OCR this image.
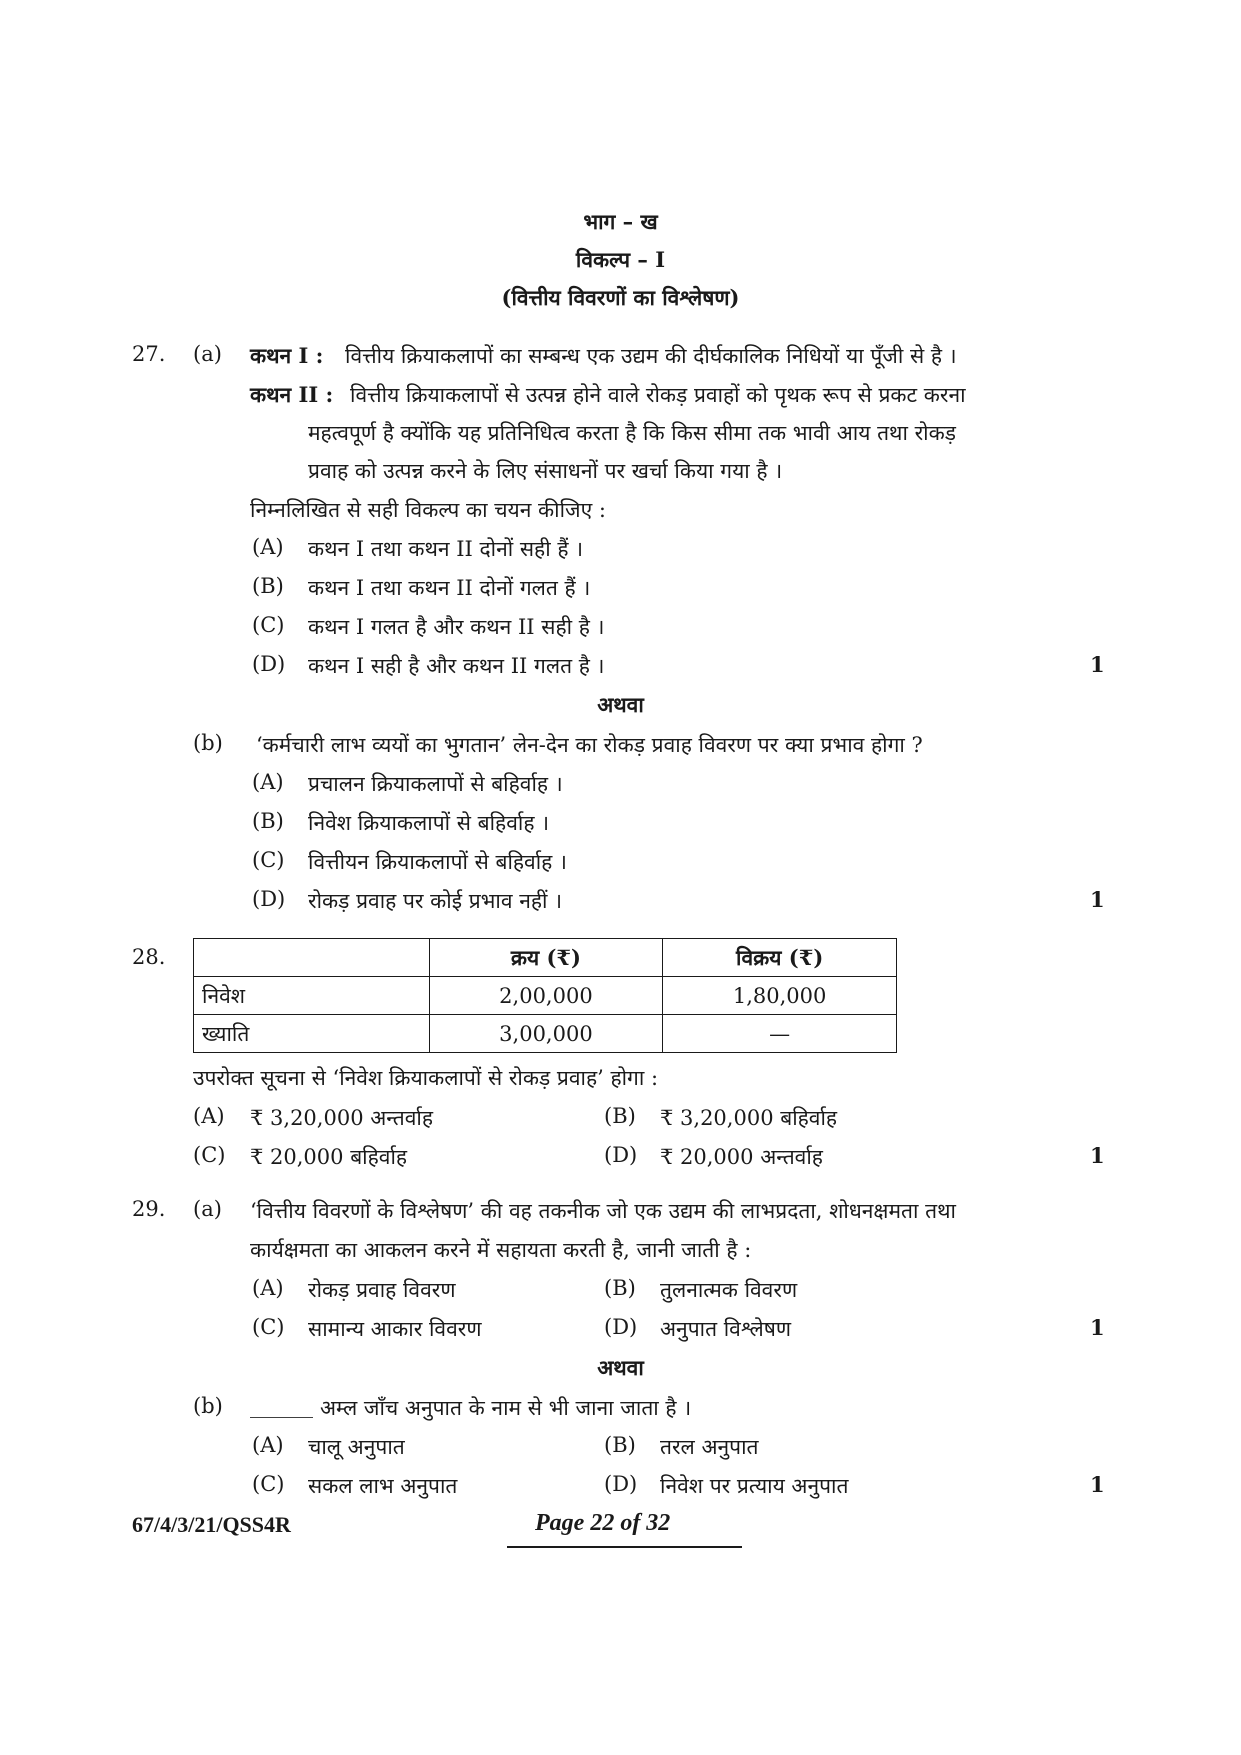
भाग – ख
विकल्प – I
(वित्तीय विवरणों का विश्लेषण)
27. (a) कथन I : वित्तीय क्रियाकलापों का सम्बन्ध एक उद्यम की दीर्घकालिक निधियों या पूँजी से है ।
कथन II : वित्तीय क्रियाकलापों से उत्पन्न होने वाले रोकड़ प्रवाहों को पृथक रूप से प्रकट करना
महत्वपूर्ण है क्योंकि यह प्रतिनिधित्व करता है कि किस सीमा तक भावी आय तथा रोकड़
प्रवाह को उत्पन्न करने के लिए संसाधनों पर खर्चा किया गया है ।
निम्नलिखित से सही विकल्प का चयन कीजिए :
(A) कथन I तथा कथन II दोनों सही हैं ।
(B) कथन I तथा कथन II दोनों गलत हैं ।
(C) कथन I गलत है और कथन II सही है ।
(D) कथन I सही है और कथन II गलत है ।	1
अथवा
(b) ‘कर्मचारी लाभ व्ययों का भुगतान’ लेन-देन का रोकड़ प्रवाह विवरण पर क्या प्रभाव होगा ?
(A) प्रचालन क्रियाकलापों से बहिर्वाह ।
(B) निवेश क्रियाकलापों से बहिर्वाह ।
(C) वित्तीयन क्रियाकलापों से बहिर्वाह ।
(D) रोकड़ प्रवाह पर कोई प्रभाव नहीं ।	1
28.
		क्रय (₹)	विक्रय (₹)
निवेश	2,00,000	1,80,000
ख्याति	3,00,000	—
उपरोक्त सूचना से ‘निवेश क्रियाकलापों से रोकड़ प्रवाह’ होगा :
(A) ₹ 3,20,000 अन्तर्वाह	(B) ₹ 3,20,000 बहिर्वाह
(C) ₹ 20,000 बहिर्वाह	(D) ₹ 20,000 अन्तर्वाह	1
29. (a) ‘वित्तीय विवरणों के विश्लेषण’ की वह तकनीक जो एक उद्यम की लाभप्रदता, शोधनक्षमता तथा
कार्यक्षमता का आकलन करने में सहायता करती है, जानी जाती है :
(A) रोकड़ प्रवाह विवरण	(B) तुलनात्मक विवरण
(C) सामान्य आकार विवरण	(D) अनुपात विश्लेषण	1
अथवा
(b) ______ अम्ल जाँच अनुपात के नाम से भी जाना जाता है ।
(A) चालू अनुपात	(B) तरल अनुपात
(C) सकल लाभ अनुपात	(D) निवेश पर प्रत्याय अनुपात	1
67/4/3/21/QSS4R	Page 22 of 32
